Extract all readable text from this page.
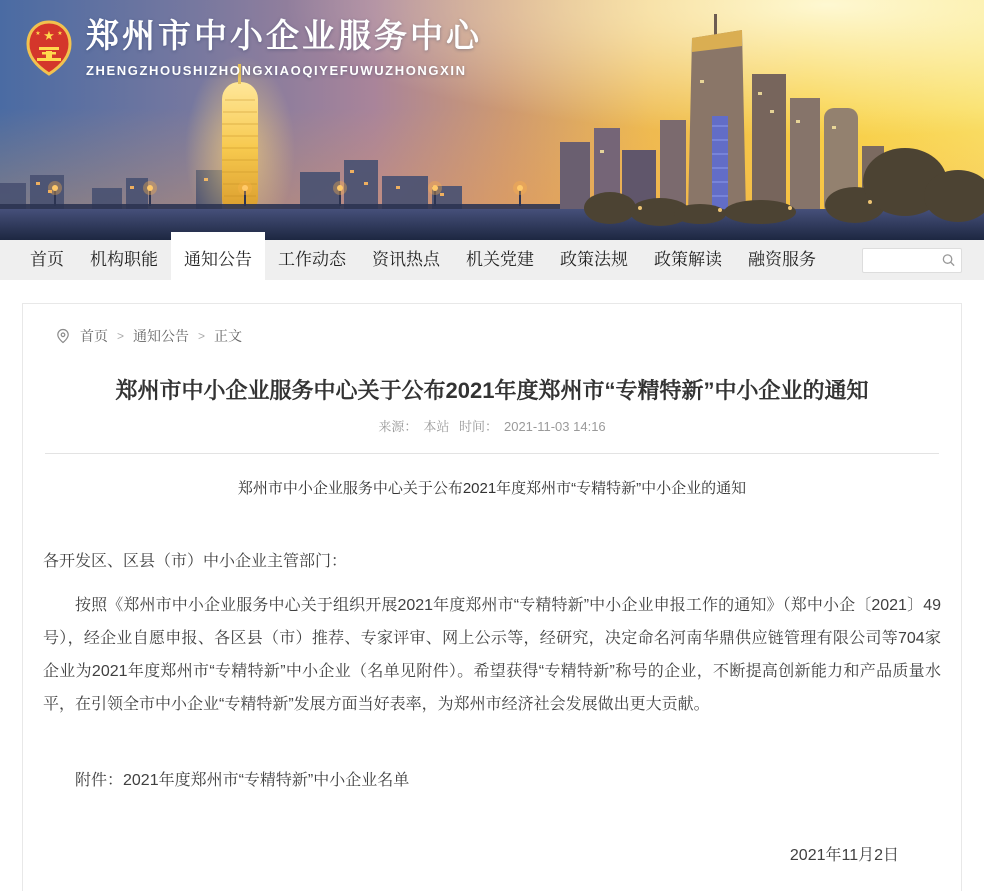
★
★	★ 郑州市中小企业服务中心
ZHENGZHOUSHIZHONGXIAOQIYEFUWUZHONGXIN
首页	机构职能	通知公告	工作动态	资讯热点	机关党建	政策法规	政策解读	融资服务
首页 > 通知公告 > 正文
郑州市中小企业服务中心关于公布2021年度郑州市“专精特新”中小企业的通知
来源： 本站 时间： 2021-11-03 14:16
郑州市中小企业服务中心关于公布2021年度郑州市“专精特新”中小企业的通知
各开发区、区县（市）中小企业主管部门：

按照《郑州市中小企业服务中心关于组织开展2021年度郑州市“专精特新”中小企业申报工作的通知》（郑中小企〔2021〕49号），经企业自愿申报、各区县（市）推荐、专家评审、网上公示等，经研究，决定命名河南华鼎供应链管理有限公司等704家企业为2021年度郑州市“专精特新”中小企业（名单见附件）。希望获得“专精特新”称号的企业，不断提高创新能力和产品质量水平，在引领全市中小企业“专精特新”发展方面当好表率，为郑州市经济社会发展做出更大贡献。

附件：2021年度郑州市“专精特新”中小企业名单
2021年11月2日
